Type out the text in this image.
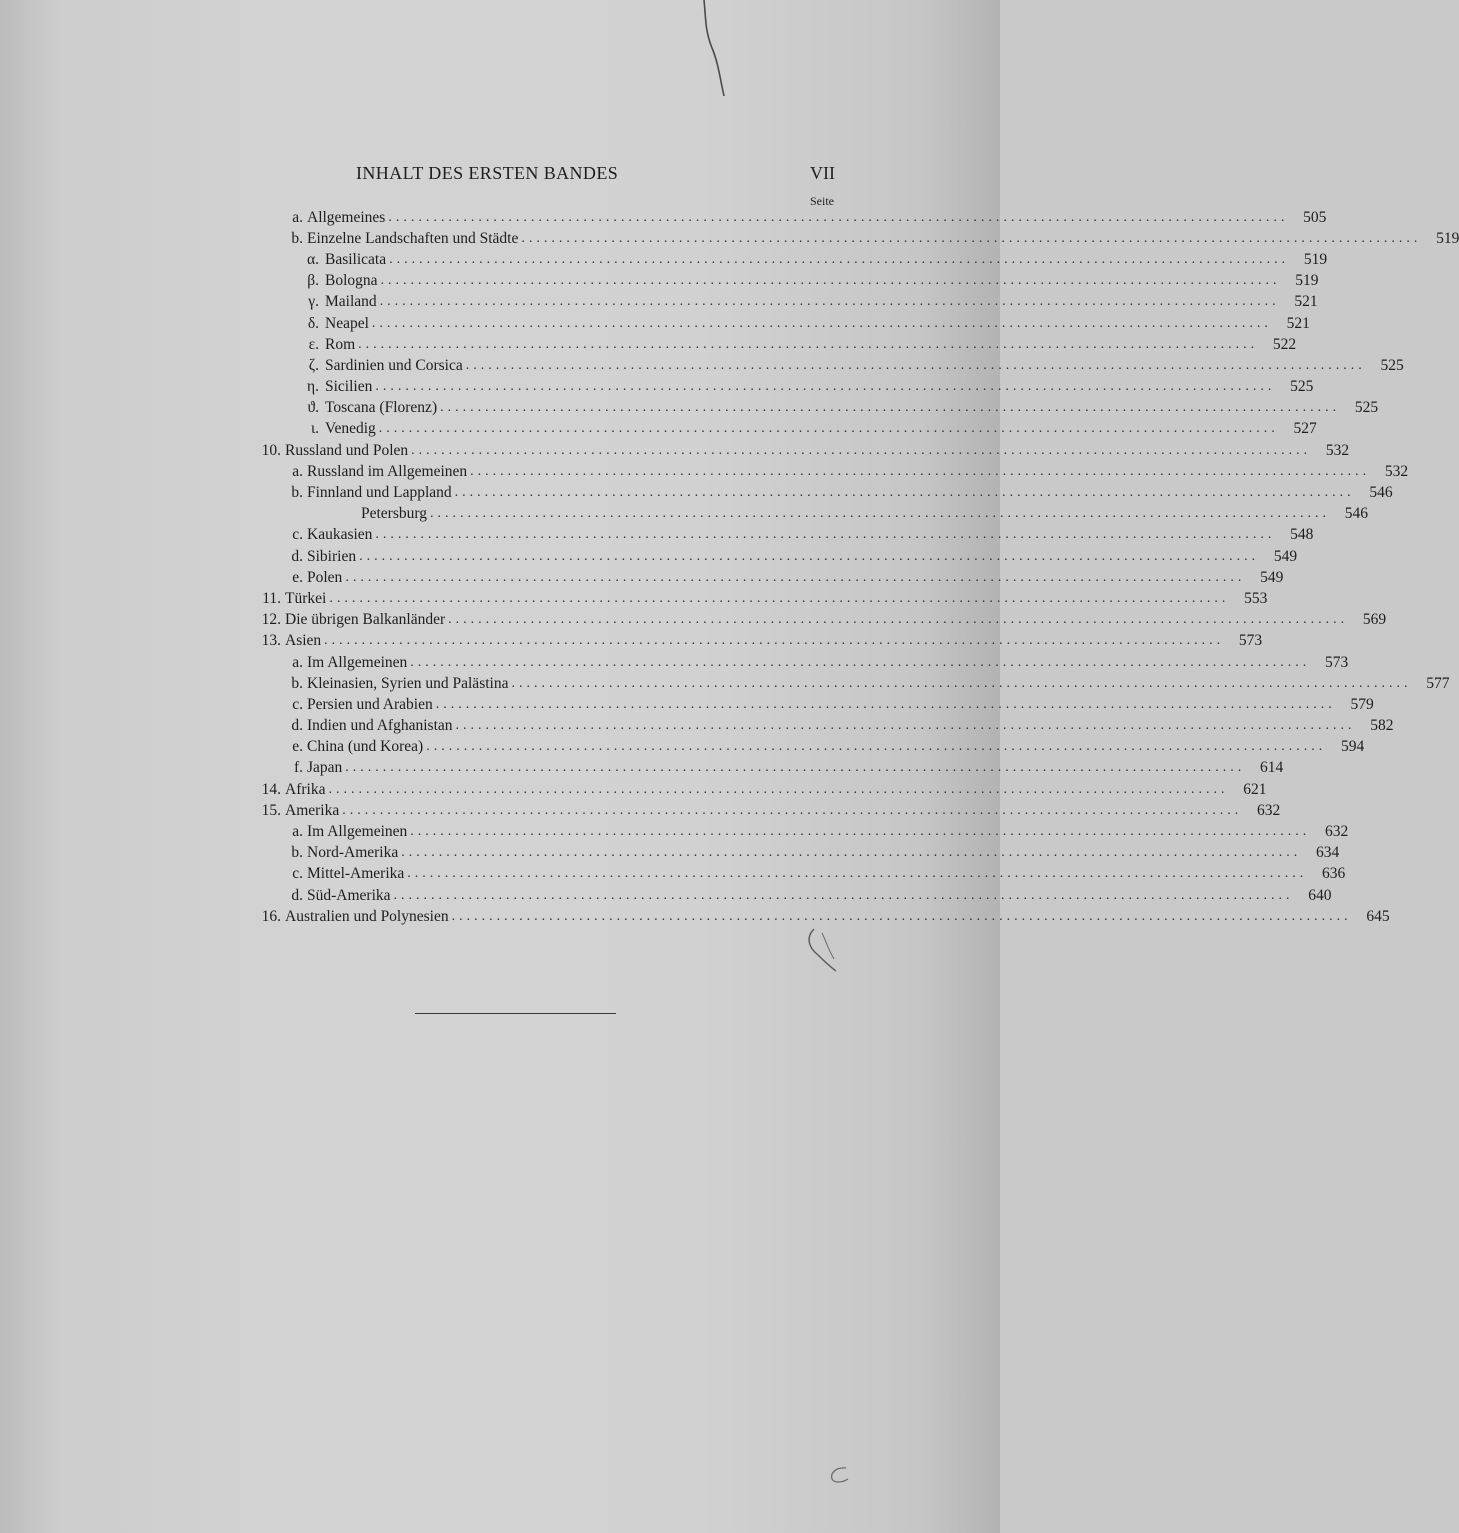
INHALT DES ERSTEN BANDES	VII
Seite
a. Allgemeines ........................................................................................................................ 505
b. Einzelne Landschaften und Städte ........................................................................................................................ 519
α. Basilicata ........................................................................................................................ 519
β. Bologna ........................................................................................................................ 519
γ. Mailand ........................................................................................................................ 521
δ. Neapel ........................................................................................................................ 521
ε. Rom ........................................................................................................................ 522
ζ. Sardinien und Corsica ........................................................................................................................ 525
η. Sicilien ........................................................................................................................ 525
ϑ. Toscana (Florenz) ........................................................................................................................ 525
ι. Venedig ........................................................................................................................ 527
10. Russland und Polen ........................................................................................................................ 532
a. Russland im Allgemeinen ........................................................................................................................ 532
b. Finnland und Lappland ........................................................................................................................ 546
Petersburg ........................................................................................................................ 546
c. Kaukasien ........................................................................................................................ 548
d. Sibirien ........................................................................................................................ 549
e. Polen ........................................................................................................................ 549
11. Türkei ........................................................................................................................ 553
12. Die übrigen Balkanländer ........................................................................................................................ 569
13. Asien ........................................................................................................................ 573
a. Im Allgemeinen ........................................................................................................................ 573
b. Kleinasien, Syrien und Palästina ........................................................................................................................ 577
c. Persien und Arabien ........................................................................................................................ 579
d. Indien und Afghanistan ........................................................................................................................ 582
e. China (und Korea) ........................................................................................................................ 594
f. Japan ........................................................................................................................ 614
14. Afrika ........................................................................................................................ 621
15. Amerika ........................................................................................................................ 632
a. Im Allgemeinen ........................................................................................................................ 632
b. Nord-Amerika ........................................................................................................................ 634
c. Mittel-Amerika ........................................................................................................................ 636
d. Süd-Amerika ........................................................................................................................ 640
16. Australien und Polynesien ........................................................................................................................ 645
